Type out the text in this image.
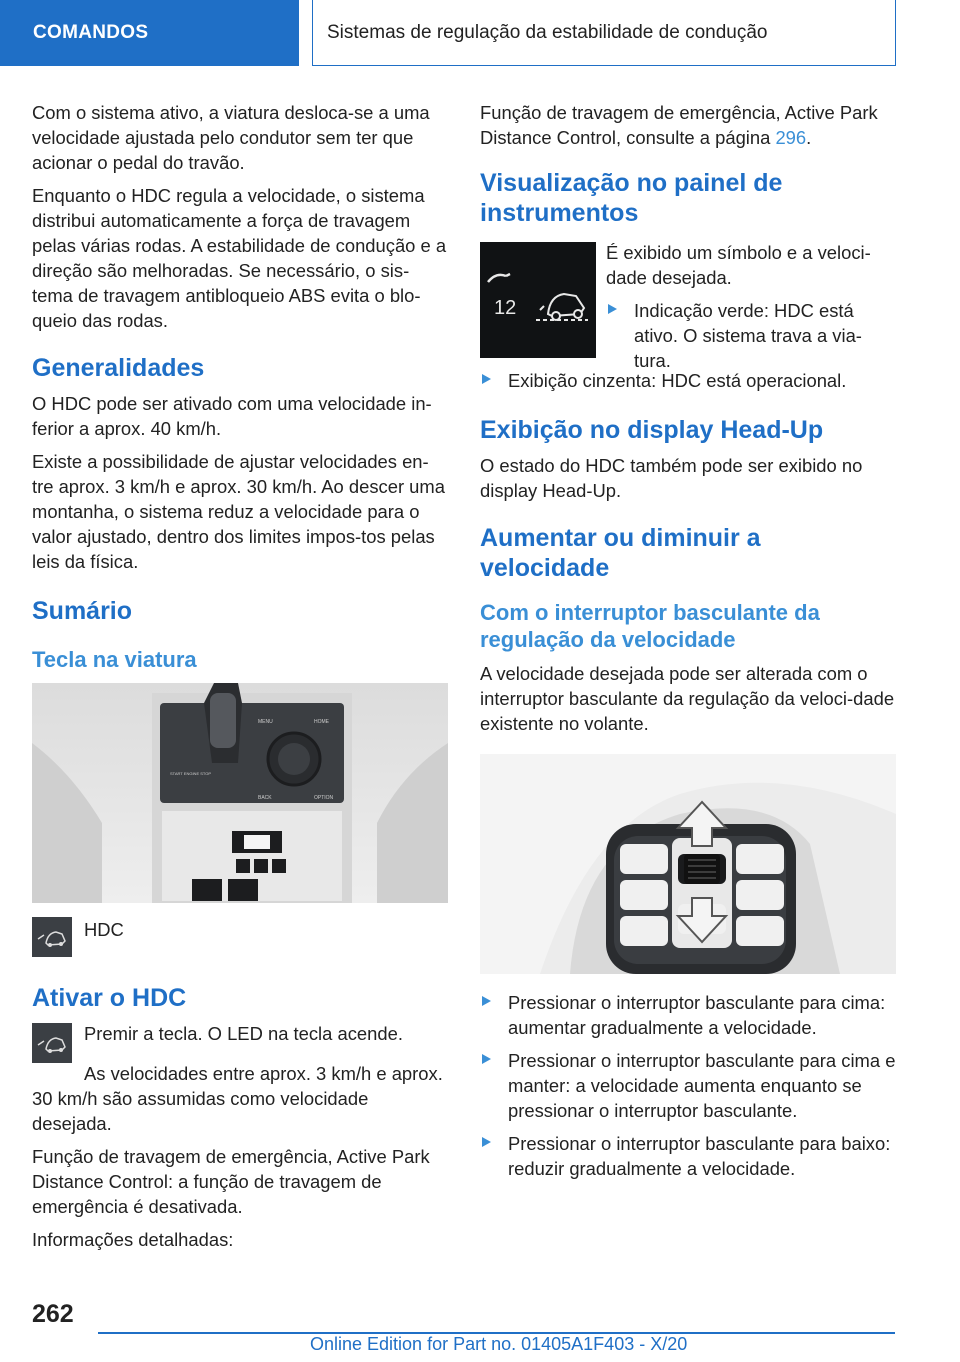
COMANDOS	Sistemas de regulação da estabilidade de condução

Com o sistema ativo, a viatura desloca-se a uma velocidade ajustada pelo condutor sem ter que acionar o pedal do travão.

Enquanto o HDC regula a velocidade, o sistema distribui automaticamente a força de travagem pelas várias rodas. A estabilidade de condução e a direção são melhoradas. Se necessário, o sis-tema de travagem antibloqueio ABS evita o blo-queio das rodas.

Generalidades

O HDC pode ser ativado com uma velocidade in-ferior a aprox. 40 km/h.

Existe a possibilidade de ajustar velocidades en-tre aprox. 3 km/h e aprox. 30 km/h. Ao descer uma montanha, o sistema reduz a velocidade para o valor ajustado, dentro dos limites impos-tos pelas leis da física.

Sumário
Tecla na viatura
MENU	HOME
BACK	OPTION
START ENGINE STOP
HDC
Ativar o HDC

Premir a tecla. O LED na tecla acende.

As velocidades entre aprox. 3 km/h e aprox. 30 km/h são assumidas como velocidade desejada.

Função de travagem de emergência, Active Park Distance Control: a função de travagem de emergência é desativada.

Informações detalhadas:

Função de travagem de emergência, Active Park Distance Control, consulte a página 296.

Visualização no painel de instrumentos
12

É exibido um símbolo e a veloci-dade desejada.

Indicação verde: HDC está ativo. O sistema trava a via-tura.
Exibição cinzenta: HDC está operacional.
Exibição no display Head-Up

O estado do HDC também pode ser exibido no display Head-Up.

Aumentar ou diminuir a velocidade
Com o interruptor basculante da regulação da velocidade

A velocidade desejada pode ser alterada com o interruptor basculante da regulação da veloci-dade existente no volante.

Pressionar o interruptor basculante para cima: aumentar gradualmente a velocidade.
Pressionar o interruptor basculante para cima e manter: a velocidade aumenta enquanto se pressionar o interruptor basculante.
Pressionar o interruptor basculante para baixo: reduzir gradualmente a velocidade.
262
Online Edition for Part no. 01405A1F403 - X/20
